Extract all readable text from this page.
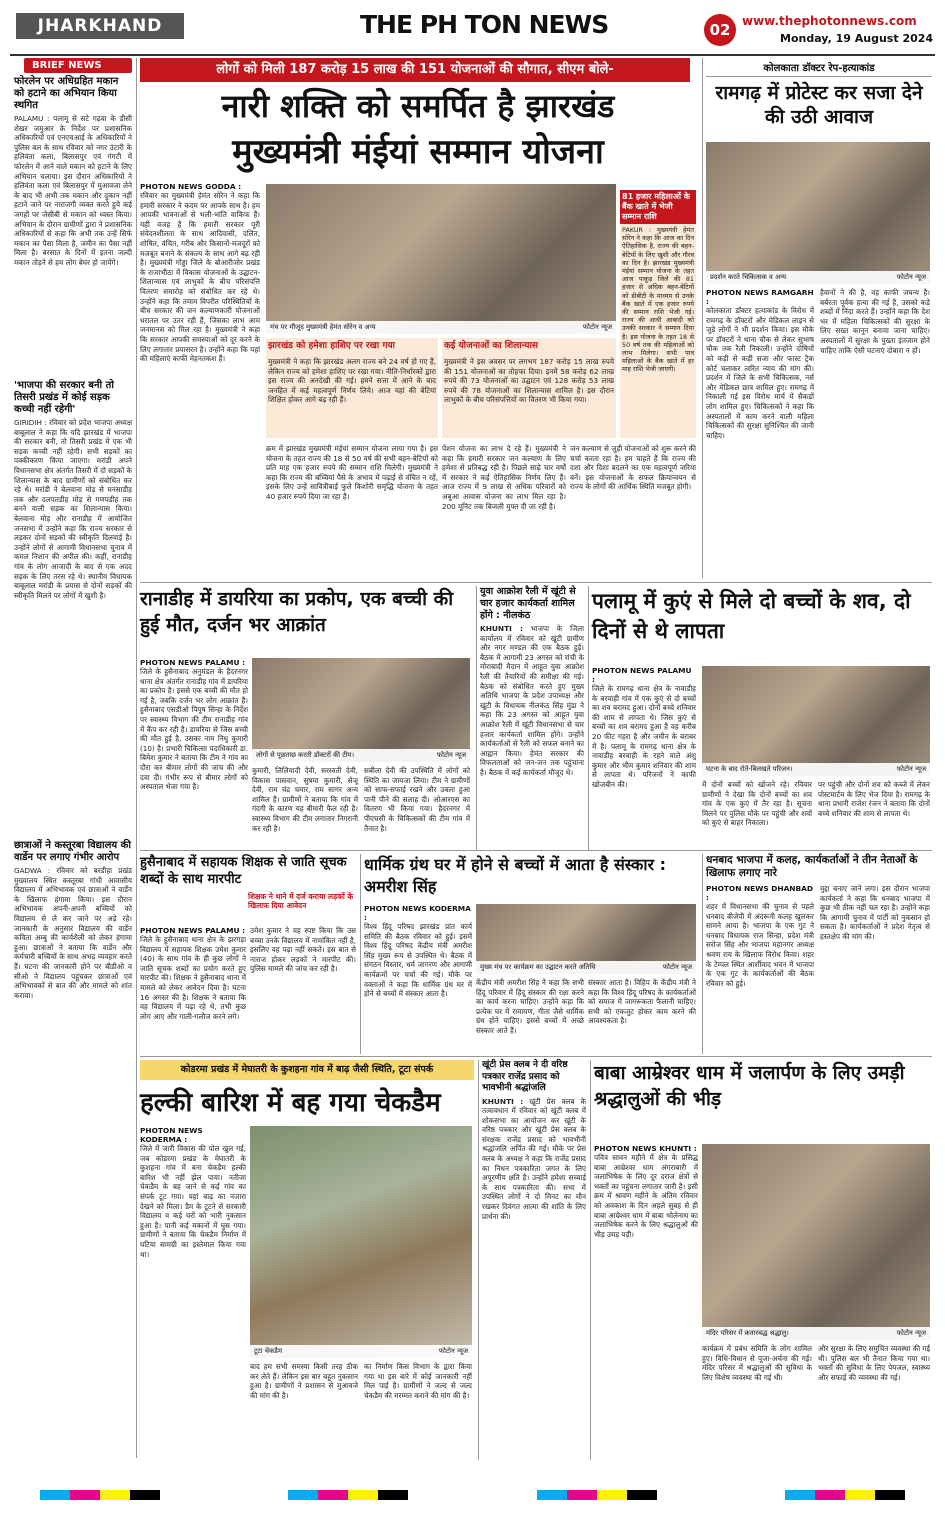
JHARKHAND	THE PH TON NEWS	02 www.thephotonnews.com
Monday, 19 August 2024
BRIEF NEWS
फोरलेन पर अधिग्रहित मकान को हटाने का अभियान किया स्थगित
PALAMU : पलामू से सटे गढ़वा के डीसी शेखर जमुआर के निर्देश पर प्रशासनिक अधिकारियों एवं एनएचआई के अधिकारियों ने पुलिस बल के साथ रविवार को नगर उंटारी के हलिवंता कला, बिलासपुर एवं गंगटी में फोरलेन में आने वाले मकान को हटाने के लिए अभियान चलाया। इस दौरान अधिकारियों ने हलिवंता कला एवं बिलासपुर में मुआवजा लेने के बाद भी अभी तक मकान और दुकान नहीं हटाने जाने पर नाराजगी व्यक्त करते हुये कई जगहों पर जेसीबी से मकान को ध्वस्त किया। अभियान के दौरान ग्रामीणों द्वारा ने प्रशासनिक अधिकारियों से कहा कि अभी तक उन्हें सिर्फ मकान का पैसा मिला है, जमीन का पैसा नहीं मिला है। बरसात के दिनों में इतना जल्दी मकान तोड़ने से हम लोग बेघर हो जायेंगे।
'भाजपा की सरकार बनी तो तिसरी प्रखंड में कोई सड़क कच्ची नहीं रहेगी'
GIRIDIH : रविवार को प्रदेश भाजपा अध्यक्ष बाबूलाल ने कहा कि यदि झारखंड में भाजपा की सरकार बनी, तो तिसरी प्रखंड में एक भी सड़क कच्ची नहीं रहेगी। सभी सड़कों का पक्कीकरण किया जाएगा। मरांडी अपने विधानसभा क्षेत्र अंतर्गत तिसरी में दो सड़कों के शिलान्यास के बाद ग्रामीणों को संबोधित कर रहे थे। मरांडी ने बेलवाना मोड़ से मनसाडीह तक और दलपतडीह मोड़ से गणपडीह तक बनने वाली सड़क का शिलान्यास किया। बेलवाना मोड़ और रानाडीह में आयोजित जनसभा में उन्होंने कहा कि राज्य सरकार से लड़कर दोनों सड़कों की स्वीकृति दिलवाई है। उन्होंने लोगों से आगामी विधानसभा चुनाव में कमल निशान की अपील की। कहीं, रानाडीह गांव के लोग आजादी के बाद से एक अदद सड़क के लिए तरस रहे थे। स्थानीय विधायक बाबूलाल मरांडी के प्रयास से दोनों सड़कों की स्वीकृति मिलने पर लोगों में खुशी है।
छात्राओं ने कस्तूरबा विद्यालय की वार्डेन पर लगाए गंभीर आरोप
GADWA : रविवार को बरडीहा प्रखंड मुख्यालय स्थित कस्तूरबा गांधी आवासीय विद्यालय में अभिभावक एवं छात्राओं ने वार्डेन के खिलाफ हंगामा किया। इस दौरान अभिभावक अपनी-अपनी बच्चियों को विद्यालय से ले कर जाने पर अड़े रहे। जानकारी के अनुसार विद्यालय की वार्डेन कविता अम्बु की कार्यशैली को लेकर हंगामा हुआ। छात्राओं ने बताया कि वार्डेन और कर्मचारी बच्चियों के साथ अभद्र व्यवहार करते हैं। घटना की जानकारी होने पर बीडीओ व सीओ ने विद्यालय पहुंचकर छात्राओं एवं अभिभावकों से बात की और मामले को शांत कराया।
लोगों को मिली 187 करोड़ 15 लाख की 151 योजनाओं की सौगात, सीएम बोले-
नारी शक्ति को समर्पित है झारखंड
मुख्यमंत्री मंईयां सम्मान योजना
PHOTON NEWS GODDA :
रविवार का मुख्यमंत्री हेमंत सोरेन ने कहा कि हमारी सरकार ने कदम पर आपके साथ है। हम आपकी भावनाओं से भली-भांति वाकिफ हैं। यही वजह है कि हमारी सरकार पूरी संवेदनशीलता के साथ आदिवासी, दलित, शोषित, वंचित, गरीब और किसानों-मजदूरों को मजबूत बनाने के संकल्प के साथ आगे बढ़ रही है। मुख्यमंत्री गोड्डा जिले के बोआरीजोर प्रखंड के राजाभीठा में विकास योजनाओं के उद्घाटन-शिलान्यास एवं लाभुकों के बीच परिसंपत्ति वितरण समारोह को संबोधित कर रहे थे। उन्होंने कहा कि तमाम विपरीत परिस्थितियों के बीच सरकार की जन कल्याणकारी योजनाओं धरातल पर उतर रही हैं, जिसका लाभ आम जनमानस को मिल रहा है। मुख्यमंत्री ने कहा कि सरकार आपकी समस्याओं को दूर करने के लिए लगातार प्रयासरत है। उन्होंने कहा कि यहां की महिलाएं काफी मेहनतकश हैं।
मंच पर मौजूद मुख्यमंत्री हेमंत सोरेन व अन्य	फोटोन न्यूज
81 हजार महिलाओं के बैंक खाते में भेजी सम्मान राशि
PAKUR : मुख्यमंत्री हेमंत सोरेन ने कहा कि आज का दिन ऐतिहासिक है, राज्य की बहन-बेटियों के लिए खुशी और गौरव का दिन है। झारखंड मुख्यमंत्री मंईयां सम्मान योजना के तहत आज पाकुड़ जिले की 81 हजार से अधिक बहन-बेटियों को डीबीटी के माध्यम से उनके बैंक खाते में एक हजार रुपये की सम्मान राशि भेजी गई। राज्य की आधी आबादी को उनकी सरकार ने सम्मान दिया है। इस योजना के तहत 18 से 50 वर्ष तक की महिलाओं को लाभ मिलेगा। सभी पात्र महिलाओं के बैंक खाते में हर माह राशि भेजी जाएगी।
झारखंड को हमेशा हाशिए पर रखा गया
मुख्यमंत्री ने कहा कि झारखंड अलग राज्य बने 24 वर्ष हो गए हैं, लेकिन राज्य को हमेशा हाशिए पर रखा गया। नीति-निर्धारकों द्वारा इस राज्य की अनदेखी की गई। हमने सत्ता में आने के बाद जनहित में कई महत्वपूर्ण निर्णय लिये। आज यहां की बेटियां शिक्षित होकर आगे बढ़ रही हैं।
कई योजनाओं का शिलान्यास
मुख्यमंत्री ने इस अवसर पर लगभग 187 करोड़ 15 लाख रुपये की 151 योजनाओं का तोहफा दिया। इनमें 58 करोड़ 62 लाख रुपये की 73 योजनाओं का उद्घाटन एवं 128 करोड़ 53 लाख रुपये की 78 योजनाओं का शिलान्यास शामिल है। इस दौरान लाभुकों के बीच परिसंपत्तियों का वितरण भी किया गया।
क्रम में झारखंड मुख्यमंत्री मंईयां सम्मान योजना लाया गया है। इस योजना के तहत राज्य की 18 से 50 वर्ष की सभी बहन-बेटियों को प्रति माह एक हजार रुपये की सम्मान राशि मिलेगी। मुख्यमंत्री ने कहा कि राज्य की बच्चियां पैसे के अभाव में पढ़ाई से वंचित न रहें, इसके लिए उन्हें सावित्रीबाई फुले किशोरी समृद्धि योजना के तहत 40 हजार रुपये दिया जा रहा है।
पेंशन योजना का लाभ दे रहे हैं। मुख्यमंत्री ने कहा कि हमारी सरकार जन कल्याण के लिए हमेशा से प्रतिबद्ध रही है। पिछले साढ़े चार वर्षों में सरकार ने कई ऐतिहासिक निर्णय लिए हैं। आज राज्य में 9 लाख से अधिक परिवारों को अबुआ आवास योजना का लाभ मिल रहा है। 200 यूनिट तक बिजली मुफ्त दी जा रही है।
जन कल्याण से जुड़ी योजनाओं को शुरू करने की चर्चा करता रहा है। हम चाहते हैं कि राज्य की दशा और दिशा बदलने का एक महत्वपूर्ण जरिया बनें। इस योजनाओं के सफल क्रियान्वयन से राज्य के लोगों की आर्थिक स्थिति मजबूत होगी।
कोलकाता डॉक्टर रेप-हत्याकांड
रामगढ़ में प्रोटेस्ट कर सजा देने की उठी आवाज
प्रदर्शन करते चिकित्सक व अन्य	फोटोन न्यूज
PHOTON NEWS RAMGARH :
कोलकाता डॉक्टर हत्याकांड के विरोध में रामगढ़ के डॉक्टरों और मेडिकल लाइन से जुड़े लोगों ने भी प्रदर्शन किया। इस मौके पर डॉक्टरों ने थाना चौक से लेकर सुभाष चौक तक रैली निकाली। उन्होंने दोषियों को कड़ी से कड़ी सजा और फास्ट ट्रैक कोर्ट चलाकर त्वरित न्याय की मांग की। प्रदर्शन में जिले के सभी चिकित्सक, नर्स और मेडिकल छात्र शामिल हुए। रामगढ़ में निकाली गई इस विरोध मार्च में सैकड़ों लोग शामिल हुए। चिकित्सकों ने कहा कि अस्पतालों में काम करने वाली महिला चिकित्सकों की सुरक्षा सुनिश्चित की जानी चाहिए।
हैवानों ने की है, वह काफी जघन्य है। बर्बरता पूर्वक हत्या की गई है, उसको कड़े शब्दों में निंदा करते हैं। उन्होंने कहा कि देश भर में महिला चिकित्सकों की सुरक्षा के लिए सख्त कानून बनाया जाना चाहिए। अस्पतालों में सुरक्षा के पुख्ता इंतजाम होने चाहिए ताकि ऐसी घटनाएं दोबारा न हों।
रानाडीह में डायरिया का प्रकोप, एक बच्ची की हुई मौत, दर्जन भर आक्रांत
PHOTON NEWS PALAMU :
जिले के हुसैनाबाद अनुमंडल के हैदरनगर थाना क्षेत्र अंतर्गत रानाडीह गांव में डायरिया का प्रकोप है। इससे एक बच्ची की मौत हो गई है, जबकि दर्जन भर लोग आक्रांत हैं। हुसैनाबाद एसडीओ पियूष सिन्हा के निर्देश पर स्वास्थ्य विभाग की टीम रानाडीह गांव में कैंप कर रही है। डायरिया से जिस बच्ची की मौत हुई है, उसका नाम निधु कुमारी (10) है। प्रभारी चिकित्सा पदाधिकारी डा. बिमेश कुमार ने बताया कि टीम ने गांव का दौरा कर बीमार लोगों की जांच की और दवा दी। गंभीर रूप से बीमार लोगों को अस्पताल भेजा गया है।
लोगों से पूछताछ करती डॉक्टरों की टीम।	फोटोन न्यूज
कुमारी, लिलियादी देवी, सरस्वती देवी, विकास पासवान, सुषमा कुमारी, सेजू देवी, राम चंद्र चमार, राम सागर अन्य शामिल हैं। ग्रामीणों ने बताया कि गांव में गंदगी के कारण यह बीमारी फैल रही है। स्वास्थ्य विभाग की टीम लगातार निगरानी कर रही है।
सबीला देवी की उपस्थिति में लोगों को स्थिति का जायजा लिया। टीम ने ग्रामीणों को साफ-सफाई रखने और उबला हुआ पानी पीने की सलाह दी। ओआरएस का वितरण भी किया गया। हैदरनगर में पीएचसी के चिकित्सकों की टीम गांव में तैनात है।
युवा आक्रोश रैली में खूंटी से चार हजार कार्यकर्ता शामिल होंगे : नीलकंठ
KHUNTI : भाजपा के जिला कार्यालय में रविवार को खूंटी ग्रामीण और नगर मण्डल की एक बैठक हुई। बैठक में आगामी 23 अगस्त को रांची के मोराबादी मैदान में आहूत युवा आक्रोश रैली की तैयारियों की समीक्षा की गई। बैठक को संबोधित करते हुए मुख्य अतिथि भाजपा के प्रदेश उपाध्यक्ष और खूंटी के विधायक नीलकंठ सिंह मुंडा ने कहा कि 23 अगस्त को आहूत युवा आक्रोश रैली में खूंटी विधानसभा से चार हजार कार्यकर्ता शामिल होंगे। उन्होंने कार्यकर्ताओं से रैली को सफल बनाने का आह्वान किया। हेमंत सरकार की विफलताओं को जन-जन तक पहुंचाना है। बैठक में कई कार्यकर्ता मौजूद थे।
पलामू में कुएं से मिले दो बच्चों के शव, दो दिनों से थे लापता
PHOTON NEWS PALAMU :
जिले के रामगढ़ थाना क्षेत्र के नावाडीह के बरवाही गांव में एक कुएं से दो बच्चों का शव बरामद हुआ। दोनों बच्चे शनिवार की शाम से लापता थे। जिस कुएं से बच्चों का शव बरामद हुआ है वह करीब 20 फीट गहरा है और जमीन के बराबर में है। पलामू के रामगढ़ थाना क्षेत्र के नावाडीह बरवाही के रहने वाले अंशु कुमार और भीम कुमार शनिवार की शाम से लापता थे। परिजनों ने काफी खोजबीन की।
घटना के बाद रोते-बिलखते परिजन।	फोटोन न्यूज
में दोनों बच्चों को खोजने रहे। रविवार ग्रामीणों ने देखा कि दोनों बच्चों का शव गांव के एक कुएं में तैर रहा है। सूचना मिलने पर पुलिस मौके पर पहुंची और शवों को कुएं से बाहर निकाला।
पर पहुंची और दोनों शव को कब्जे में लेकर पोस्टमार्टम के लिए भेज दिया है। रामगढ़ के थाना प्रभारी राजेश रंजन ने बताया कि दोनों बच्चे शनिवार की शाम से लापता थे।
हुसैनाबाद में सहायक शिक्षक से जाति सूचक शब्दों के साथ मारपीट
शिक्षक ने थाने में दर्ज कराया लड़कों के खिलाफ दिया आवेदन
PHOTON NEWS PALAMU :
जिले के हुसैनाबाद थाना क्षेत्र के झरगड़ा विद्यालय में सहायक शिक्षक उमेश कुमार (40) के साथ गांव के ही कुछ लोगों ने जाति सूचक शब्दों का प्रयोग करते हुए मारपीट की। शिक्षक ने हुसैनाबाद थाना में मामले को लेकर आवेदन दिया है। घटना 16 अगस्त की है। शिक्षक ने बताया कि वह विद्यालय में पढ़ा रहे थे, तभी कुछ लोग आए और गाली-गलौज करने लगे।
उमेश कुमार ने यह स्पष्ट किया कि उस बच्चा उनके विद्यालय में नामांकित नहीं है, इसलिए वह पढ़ा नहीं सकते। इस बात से नाराज होकर लड़कों ने मारपीट की। पुलिस मामले की जांच कर रही है।
धार्मिक ग्रंथ घर में होने से बच्चों में आता है संस्कार : अमरीश सिंह
PHOTON NEWS KODERMA :
विश्व हिंदू परिषद झारखंड प्रांत कार्य समिति की बैठक रविवार को हुई। इसमें विश्व हिंदू परिषद केंद्रीय मंत्री अमरीश सिंह मुख्य रूप से उपस्थित थे। बैठक में संगठन विस्तार, धर्म जागरण और आगामी कार्यक्रमों पर चर्चा की गई। मौके पर वक्ताओं ने कहा कि धार्मिक ग्रंथ घर में होने से बच्चों में संस्कार आता है।
मुख्य मंच पर कार्यक्रम का उद्घाटन करते अतिथि	फोटोन न्यूज
केंद्रीय मंत्री अमरीश सिंह ने कहा कि सभी हिंदू परिवार में हिंदू संस्कार की रक्षा करने का कार्य करना चाहिए। उन्होंने कहा कि प्रत्येक घर में रामायण, गीता जैसे धार्मिक ग्रंथ होने चाहिए। इससे बच्चों में अच्छे संस्कार आते हैं।
संस्कार आता है। विहिप के केंद्रीय मंत्री ने कहा कि विश्व हिंदू परिषद के कार्यकर्ताओं को समाज में जागरूकता फैलानी चाहिए। सभी को एकजुट होकर काम करने की आवश्यकता है।
धनबाद भाजपा में कलह, कार्यकर्ताओं ने तीन नेताओं के खिलाफ लगाए नारे
PHOTON NEWS DHANBAD :
शहर में विधानसभा की चुनाव से पहले धनबाद बीजेपी में अंदरूनी कलह खुलकर सामने आया है। भाजपा के एक गुट ने धनबाद विधायक राज सिन्हा, प्रदेश मंत्री सरोज सिंह और भाजपा महानगर अध्यक्ष श्रवण राय के खिलाफ विरोध किया। शहर के टेम्पल स्थित आर्शीवाद भवन में भाजपा के एक गुट के कार्यकर्ताओं की बैठक रविवार को हुई।
मुद्दा बनाए जाने लगा। इस दौरान भाजपा कार्यकर्ता ने कहा कि धनबाद भाजपा में कुछ भी ठीक नहीं चल रहा है। उन्होंने कहा कि आगामी चुनाव में पार्टी को नुकसान हो सकता है। कार्यकर्ताओं ने प्रदेश नेतृत्व से हस्तक्षेप की मांग की।
कोडरमा प्रखंड में मेघातरी के कुशहना गांव में बाढ़ जैसी स्थिति, टूटा संपर्क
हल्की बारिश में बह गया चेकडैम
PHOTON NEWS KODERMA :
जिले में जारी विकास की पोल खुल गई, जब कोडरमा प्रखंड के मेघातरी के कुशहना गांव में बना चेकडैम हल्की बारिश भी नहीं झेल पाया। नतीजा चेकडैम के बह जाने से कई गांव का संपर्क टूट गया। यहां बाढ़ का नजारा देखने को मिला। डैम के टूटने से सरकारी विद्यालय व कई घरों को भारी नुकसान हुआ है। पानी कई मकानों में घुस गया। ग्रामीणों ने बताया कि चेकडैम निर्माण में घटिया सामग्री का इस्तेमाल किया गया था।
टूटा चेकडैम	फोटोन न्यूज
बाद हम सभी समस्या किसी तरह ठीक कर लेते हैं। लेकिन इस बार बहुत नुकसान हुआ है। ग्रामीणों ने प्रशासन से मुआवजे की मांग की है।
का निर्माण किस विभाग के द्वारा किया गया था इस बारे में कोई जानकारी नहीं मिल पाई है। ग्रामीणों ने जल्द से जल्द चेकडैम की मरम्मत कराने की मांग की है।
खूंटी प्रेस क्लब ने दी वरिष्ठ पत्रकार राजेंद्र प्रसाद को भावभीनी श्रद्धांजलि
KHUNTI : खूंटी प्रेस क्लब के तत्वावधान में रविवार को खूंटी क्लब में शोकसभा का आयोजन कर खूंटी के वरिष्ठ पत्रकार और खूंटी प्रेस क्लब के संरक्षक राजेंद्र प्रसाद को भावभीनी श्रद्धांजलि अर्पित की गई। मौके पर प्रेस क्लब के अध्यक्ष ने कहा कि राजेंद्र प्रसाद का निधन पत्रकारिता जगत के लिए अपूरणीय क्षति है। उन्होंने हमेशा सच्चाई के साथ पत्रकारिता की। सभा में उपस्थित लोगों ने दो मिनट का मौन रखकर दिवंगत आत्मा की शांति के लिए प्रार्थना की।
बाबा आम्रेश्वर धाम में जलार्पण के लिए उमड़ी श्रद्धालुओं की भीड़
PHOTON NEWS KHUNTI :
पवित्र सावन महीने में क्षेत्र के प्रसिद्ध बाबा आम्रेश्वर धाम अंगराबारी में जलाभिषेक के लिए दूर दराज क्षेत्रों से भक्तों का पहुंचना लगातार जारी है। इसी क्रम में श्रावण महीने के अंतिम रविवार को अवकाश के दिन अहले सुबह से ही बाबा आम्रेश्वर धाम में बाबा भोलेनाथ का जलाभिषेक करने के लिए श्रद्धालुओं की भीड़ उमड़ पड़ी।
मंदिर परिसर में कतारबद्ध श्रद्धालु।	फोटोन न्यूज
कार्यक्रम में प्रबंध समिति के लोग शामिल हुए। विधि-विधान से पूजा-अर्चना की गई। मंदिर परिसर में श्रद्धालुओं की सुविधा के लिए विशेष व्यवस्था की गई थी।
और सुरक्षा के लिए समुचित व्यवस्था की गई थी। पुलिस बल भी तैनात किया गया था। भक्तों की सुविधा के लिए पेयजल, स्वास्थ्य और सफाई की व्यवस्था की गई।
